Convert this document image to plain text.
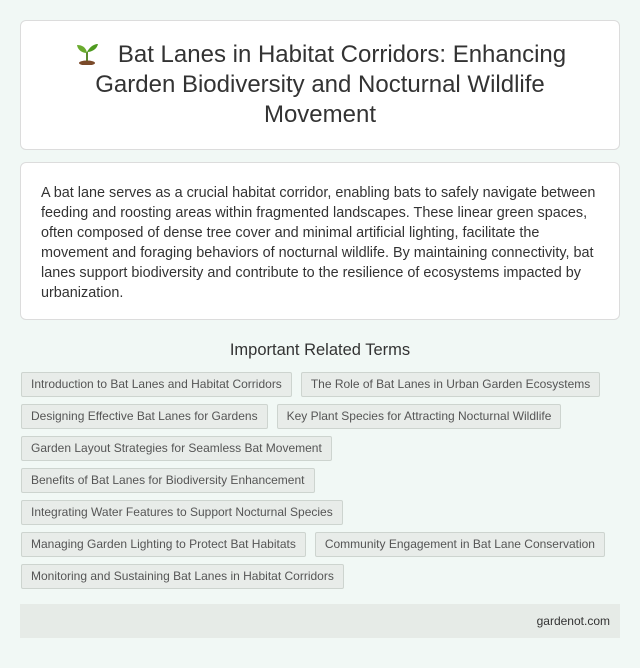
Bat Lanes in Habitat Corridors: Enhancing Garden Biodiversity and Nocturnal Wildlife Movement

A bat lane serves as a crucial habitat corridor, enabling bats to safely navigate between feeding and roosting areas within fragmented landscapes. These linear green spaces, often composed of dense tree cover and minimal artificial lighting, facilitate the movement and foraging behaviors of nocturnal wildlife. By maintaining connectivity, bat lanes support biodiversity and contribute to the resilience of ecosystems impacted by urbanization.

Important Related Terms
Introduction to Bat Lanes and Habitat Corridors	The Role of Bat Lanes in Urban Garden Ecosystems
Designing Effective Bat Lanes for Gardens	Key Plant Species for Attracting Nocturnal Wildlife
Garden Layout Strategies for Seamless Bat Movement
Benefits of Bat Lanes for Biodiversity Enhancement
Integrating Water Features to Support Nocturnal Species
Managing Garden Lighting to Protect Bat Habitats	Community Engagement in Bat Lane Conservation
Monitoring and Sustaining Bat Lanes in Habitat Corridors
gardenot.com
